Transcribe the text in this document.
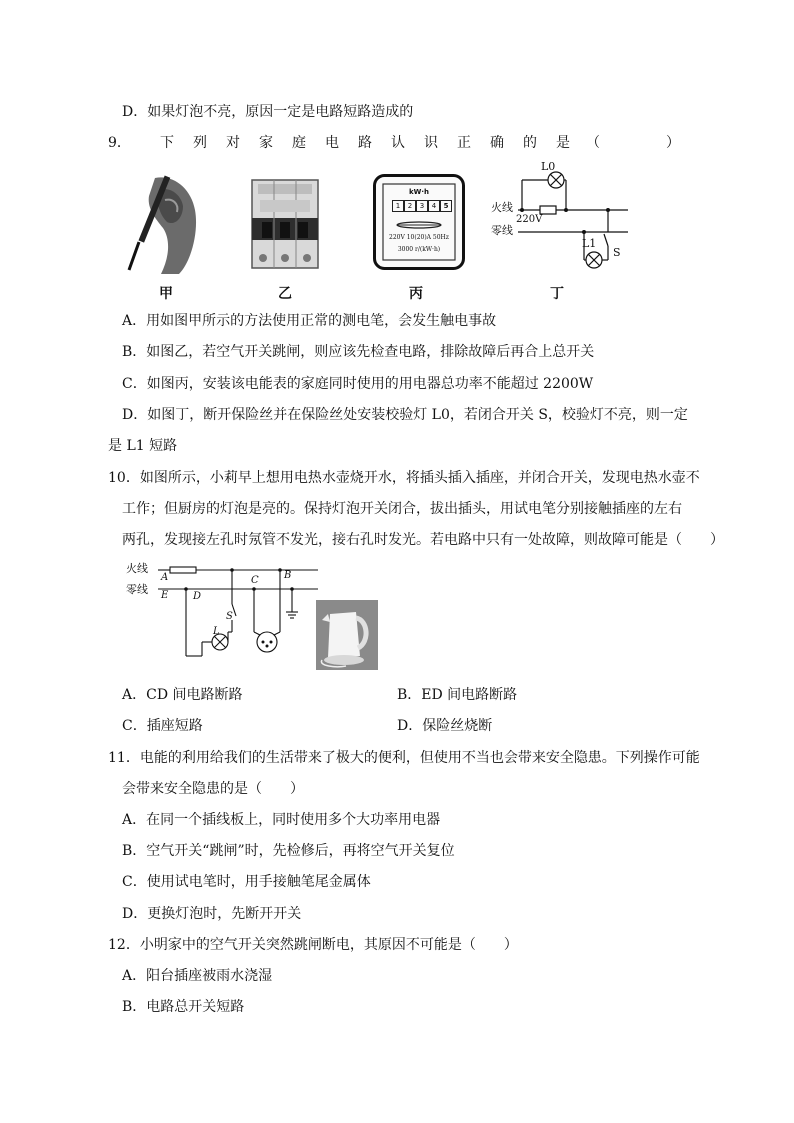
D．如果灯泡不亮，原因一定是电路短路造成的
9． 下列对家庭电路认识正确的是
（　　　　）
甲	乙
kW·h
1	2	3	4	5
220V 10(20)A 50Hz
3000 r/(kW·h)
丙
L0
火线
零线
220V
L1
S
丁
A．用如图甲所示的方法使用正常的测电笔，会发生触电事故
B．如图乙，若空气开关跳闸，则应该先检查电路，排除故障后再合上总开关
C．如图丙，安装该电能表的家庭同时使用的用电器总功率不能超过 2200W
D．如图丁，断开保险丝并在保险丝处安装校验灯 L0，若闭合开关 S，校验灯不亮，则一定
是 L1 短路
10．如图所示，小莉早上想用电热水壶烧开水，将插头插入插座，并闭合开关，发现电热水壶不
工作；但厨房的灯泡是亮的。保持灯泡开关闭合，拔出插头，用试电笔分别接触插座的左右
两孔，发现接左孔时氖管不发光，接右孔时发光。若电路中只有一处故障，则故障可能是（　　）
火线
零线
A
E D
C	B
L
S
A．CD 间电路断路	B．ED 间电路断路
C．插座短路	D．保险丝烧断
11．电能的利用给我们的生活带来了极大的便利，但使用不当也会带来安全隐患。下列操作可能
会带来安全隐患的是（　　）
A．在同一个插线板上，同时使用多个大功率用电器
B．空气开关“跳闸”时，先检修后，再将空气开关复位
C．使用试电笔时，用手接触笔尾金属体
D．更换灯泡时，先断开开关
12．小明家中的空气开关突然跳闸断电，其原因不可能是（　　）
A．阳台插座被雨水浇湿
B．电路总开关短路
